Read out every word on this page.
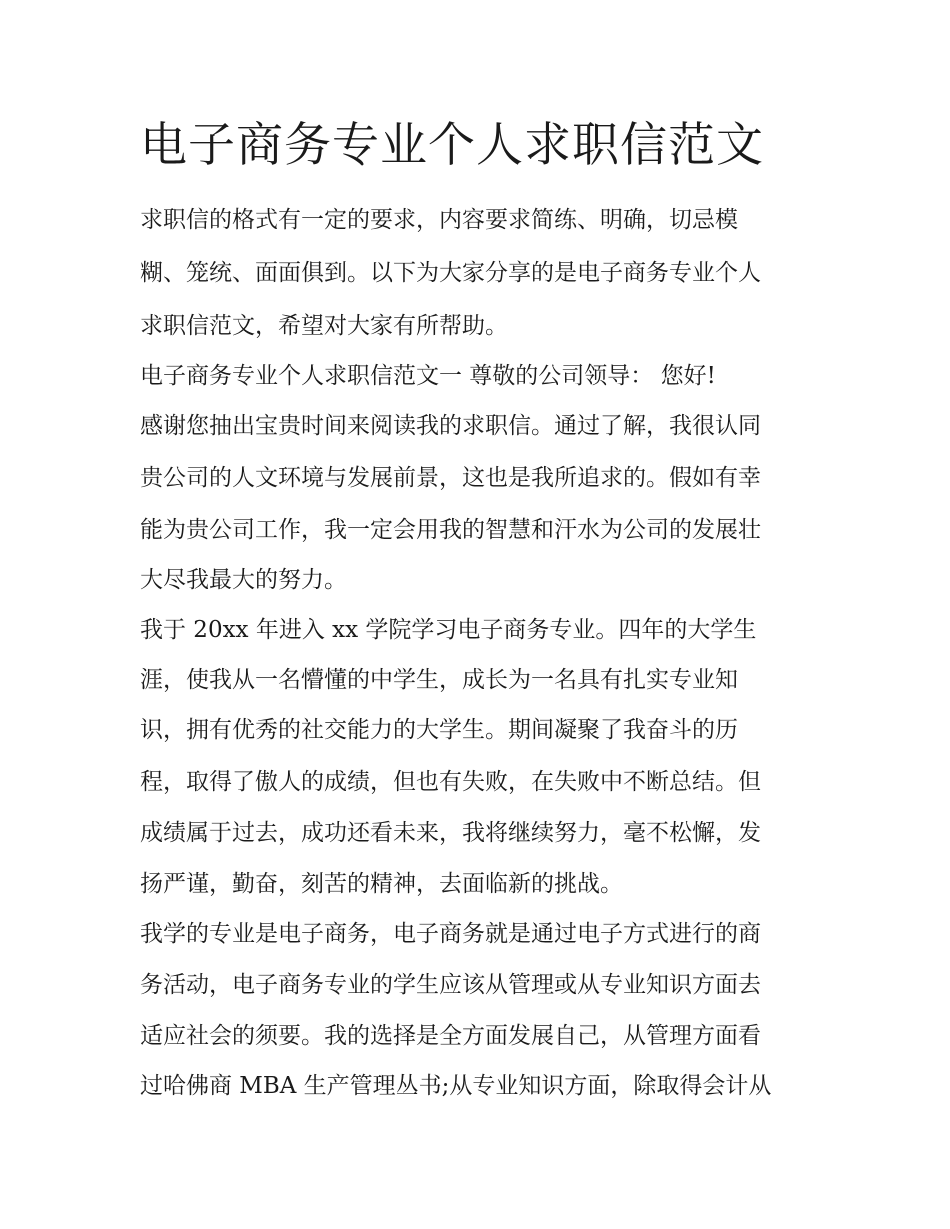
电子商务专业个人求职信范文

求职信的格式有一定的要求，内容要求简练、明确，切忌模

糊、笼统、面面俱到。以下为大家分享的是电子商务专业个人

求职信范文，希望对大家有所帮助。

电子商务专业个人求职信范文一 尊敬的公司领导： 您好!

感谢您抽出宝贵时间来阅读我的求职信。通过了解，我很认同

贵公司的人文环境与发展前景，这也是我所追求的。假如有幸

能为贵公司工作，我一定会用我的智慧和汗水为公司的发展壮

大尽我最大的努力。

我于 20xx 年进入 xx 学院学习电子商务专业。四年的大学生

涯，使我从一名懵懂的中学生，成长为一名具有扎实专业知

识，拥有优秀的社交能力的大学生。期间凝聚了我奋斗的历

程，取得了傲人的成绩，但也有失败，在失败中不断总结。但

成绩属于过去，成功还看未来，我将继续努力，毫不松懈，发

扬严谨，勤奋，刻苦的精神，去面临新的挑战。

我学的专业是电子商务，电子商务就是通过电子方式进行的商

务活动，电子商务专业的学生应该从管理或从专业知识方面去

适应社会的须要。我的选择是全方面发展自己，从管理方面看

过哈佛商 MBA 生产管理丛书;从专业知识方面，除取得会计从
